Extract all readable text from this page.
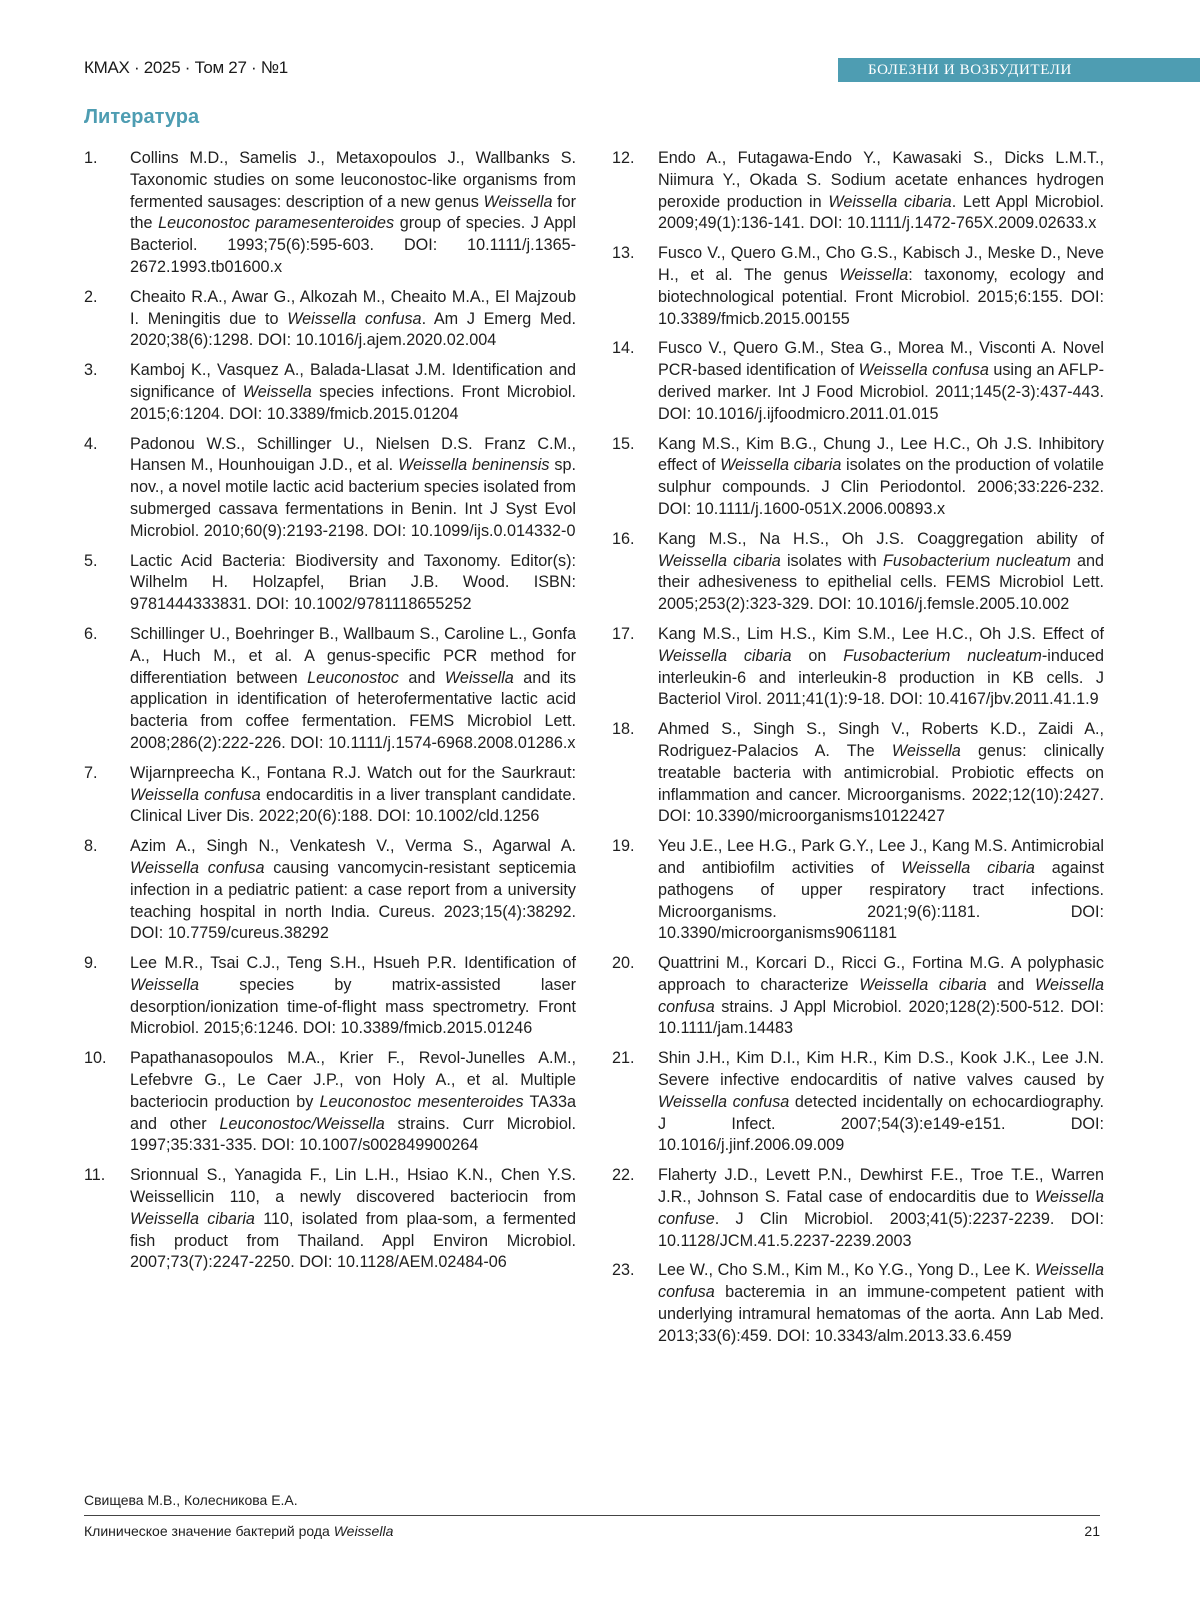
КМАХ · 2025 · Том 27 · №1	БОЛЕЗНИ И ВОЗБУДИТЕЛИ
Литература
1. Collins M.D., Samelis J., Metaxopoulos J., Wallbanks S. Taxonomic studies on some leuconostoc-like organisms from fermented sausages: description of a new genus Weissella for the Leuconostoc paramesenteroides group of species. J Appl Bacteriol. 1993;75(6):595-603. DOI: 10.1111/j.1365-2672.1993.tb01600.x
2. Cheaito R.A., Awar G., Alkozah M., Cheaito M.A., El Majzoub I. Meningitis due to Weissella confusa. Am J Emerg Med. 2020;38(6):1298. DOI: 10.1016/j.ajem.2020.02.004
3. Kamboj K., Vasquez A., Balada-Llasat J.M. Identification and significance of Weissella species infections. Front Microbiol. 2015;6:1204. DOI: 10.3389/fmicb.2015.01204
4. Padonou W.S., Schillinger U., Nielsen D.S. Franz C.M., Hansen M., Hounhouigan J.D., et al. Weissella beninensis sp. nov., a novel motile lactic acid bacterium species isolated from submerged cassava fermentations in Benin. Int J Syst Evol Microbiol. 2010;60(9):2193-2198. DOI: 10.1099/ijs.0.014332-0
5. Lactic Acid Bacteria: Biodiversity and Taxonomy. Editor(s): Wilhelm H. Holzapfel, Brian J.B. Wood. ISBN: 9781444333831. DOI: 10.1002/9781118655252
6. Schillinger U., Boehringer B., Wallbaum S., Caroline L., Gonfa A., Huch M., et al. A genus-specific PCR method for differentiation between Leuconostoc and Weissella and its application in identification of heterofermentative lactic acid bacteria from coffee fermentation. FEMS Microbiol Lett. 2008;286(2):222-226. DOI: 10.1111/j.1574-6968.2008.01286.x
7. Wijarnpreecha K., Fontana R.J. Watch out for the Saurkraut: Weissella confusa endocarditis in a liver transplant candidate. Clinical Liver Dis. 2022;20(6):188. DOI: 10.1002/cld.1256
8. Azim A., Singh N., Venkatesh V., Verma S., Agarwal A. Weissella confusa causing vancomycin-resistant septicemia infection in a pediatric patient: a case report from a university teaching hospital in north India. Cureus. 2023;15(4):38292. DOI: 10.7759/cureus.38292
9. Lee M.R., Tsai C.J., Teng S.H., Hsueh P.R. Identification of Weissella species by matrix-assisted laser desorption/ionization time-of-flight mass spectrometry. Front Microbiol. 2015;6:1246. DOI: 10.3389/fmicb.2015.01246
10. Papathanasopoulos M.A., Krier F., Revol-Junelles A.M., Lefebvre G., Le Caer J.P., von Holy A., et al. Multiple bacteriocin production by Leuconostoc mesenteroides TA33a and other Leuconostoc/Weissella strains. Curr Microbiol. 1997;35:331-335. DOI: 10.1007/s002849900264
11. Srionnual S., Yanagida F., Lin L.H., Hsiao K.N., Chen Y.S. Weissellicin 110, a newly discovered bacteriocin from Weissella cibaria 110, isolated from plaa-som, a fermented fish product from Thailand. Appl Environ Microbiol. 2007;73(7):2247-2250. DOI: 10.1128/AEM.02484-06
12. Endo A., Futagawa-Endo Y., Kawasaki S., Dicks L.M.T., Niimura Y., Okada S. Sodium acetate enhances hydrogen peroxide production in Weissella cibaria. Lett Appl Microbiol. 2009;49(1):136-141. DOI: 10.1111/j.1472-765X.2009.02633.x
13. Fusco V., Quero G.M., Cho G.S., Kabisch J., Meske D., Neve H., et al. The genus Weissella: taxonomy, ecology and biotechnological potential. Front Microbiol. 2015;6:155. DOI: 10.3389/fmicb.2015.00155
14. Fusco V., Quero G.M., Stea G., Morea M., Visconti A. Novel PCR-based identification of Weissella confusa using an AFLP-derived marker. Int J Food Microbiol. 2011;145(2-3):437-443. DOI: 10.1016/j.ijfoodmicro.2011.01.015
15. Kang M.S., Kim B.G., Chung J., Lee H.C., Oh J.S. Inhibitory effect of Weissella cibaria isolates on the production of volatile sulphur compounds. J Clin Periodontol. 2006;33:226-232. DOI: 10.1111/j.1600-051X.2006.00893.x
16. Kang M.S., Na H.S., Oh J.S. Coaggregation ability of Weissella cibaria isolates with Fusobacterium nucleatum and their adhesiveness to epithelial cells. FEMS Microbiol Lett. 2005;253(2):323-329. DOI: 10.1016/j.femsle.2005.10.002
17. Kang M.S., Lim H.S., Kim S.M., Lee H.C., Oh J.S. Effect of Weissella cibaria on Fusobacterium nucleatum-induced interleukin-6 and interleukin-8 production in KB cells. J Bacteriol Virol. 2011;41(1):9-18. DOI: 10.4167/jbv.2011.41.1.9
18. Ahmed S., Singh S., Singh V., Roberts K.D., Zaidi A., Rodriguez-Palacios A. The Weissella genus: clinically treatable bacteria with antimicrobial. Probiotic effects on inflammation and cancer. Microorganisms. 2022;12(10):2427. DOI: 10.3390/microorganisms10122427
19. Yeu J.E., Lee H.G., Park G.Y., Lee J., Kang M.S. Antimicrobial and antibiofilm activities of Weissella cibaria against pathogens of upper respiratory tract infections. Microorganisms. 2021;9(6):1181. DOI: 10.3390/microorganisms9061181
20. Quattrini M., Korcari D., Ricci G., Fortina M.G. A polyphasic approach to characterize Weissella cibaria and Weissella confusa strains. J Appl Microbiol. 2020;128(2):500-512. DOI: 10.1111/jam.14483
21. Shin J.H., Kim D.I., Kim H.R., Kim D.S., Kook J.K., Lee J.N. Severe infective endocarditis of native valves caused by Weissella confusa detected incidentally on echocardiography. J Infect. 2007;54(3):e149-e151. DOI: 10.1016/j.jinf.2006.09.009
22. Flaherty J.D., Levett P.N., Dewhirst F.E., Troe T.E., Warren J.R., Johnson S. Fatal case of endocarditis due to Weissella confuse. J Clin Microbiol. 2003;41(5):2237-2239. DOI: 10.1128/JCM.41.5.2237-2239.2003
23. Lee W., Cho S.M., Kim M., Ko Y.G., Yong D., Lee K. Weissella confusa bacteremia in an immune-competent patient with underlying intramural hematomas of the aorta. Ann Lab Med. 2013;33(6):459. DOI: 10.3343/alm.2013.33.6.459
Свищева М.В., Колесникова Е.А.
Клиническое значение бактерий рода Weissella	21
